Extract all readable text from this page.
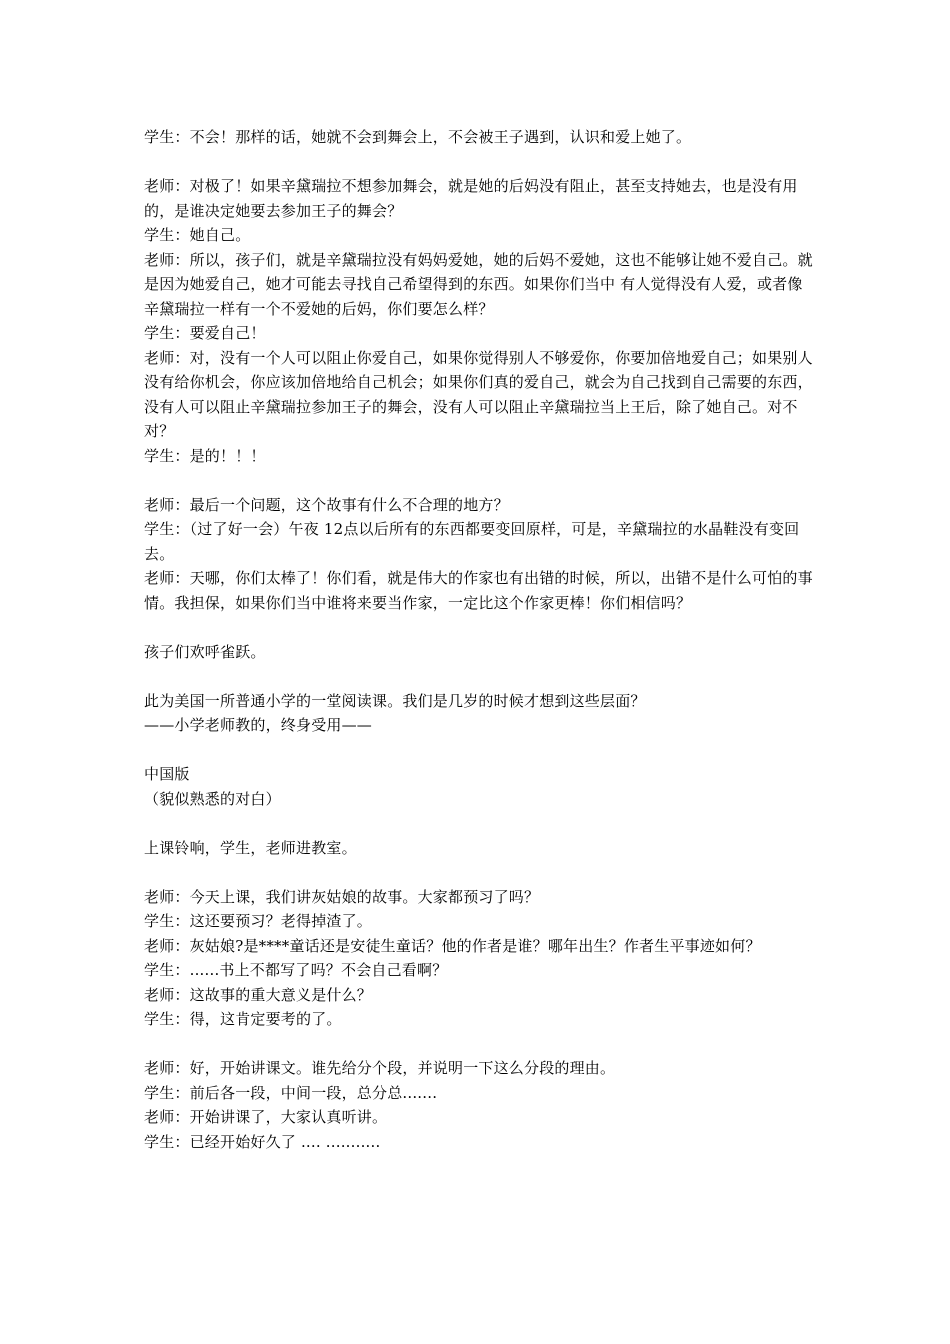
学生：不会！那样的话，她就不会到舞会上，不会被王子遇到，认识和爱上她了。

老师：对极了！如果辛黛瑞拉不想参加舞会，就是她的后妈没有阻止，甚至支持她去，也是没有用的，是谁决定她要去参加王子的舞会？

学生：她自己。

老师：所以，孩子们，就是辛黛瑞拉没有妈妈爱她，她的后妈不爱她，这也不能够让她不爱自己。就是因为她爱自己，她才可能去寻找自己希望得到的东西。如果你们当中 有人觉得没有人爱，或者像辛黛瑞拉一样有一个不爱她的后妈，你们要怎么样？

学生：要爱自己！

老师：对，没有一个人可以阻止你爱自己，如果你觉得别人不够爱你，你要加倍地爱自己；如果别人没有给你机会，你应该加倍地给自己机会；如果你们真的爱自己，就会为自己找到自己需要的东西，没有人可以阻止辛黛瑞拉参加王子的舞会，没有人可以阻止辛黛瑞拉当上王后，除了她自己。对不对？

学生：是的！！！

老师：最后一个问题，这个故事有什么不合理的地方？

学生：（过了好一会）午夜 12点以后所有的东西都要变回原样，可是，辛黛瑞拉的水晶鞋没有变回去。

老师：天哪，你们太棒了！你们看，就是伟大的作家也有出错的时候，所以，出错不是什么可怕的事情。我担保，如果你们当中谁将来要当作家，一定比这个作家更棒！你们相信吗？

孩子们欢呼雀跃。

此为美国一所普通小学的一堂阅读课。我们是几岁的时候才想到这些层面？

——小学老师教的，终身受用——

中国版

（貌似熟悉的对白）

上课铃响，学生，老师进教室。

老师：今天上课，我们讲灰姑娘的故事。大家都预习了吗？

学生：这还要预习？老得掉渣了。

老师：灰姑娘?是****童话还是安徒生童话？他的作者是谁？哪年出生？作者生平事迹如何？

学生：......书上不都写了吗？不会自己看啊？

老师：这故事的重大意义是什么？

学生：得，这肯定要考的了。

老师：好，开始讲课文。谁先给分个段，并说明一下这么分段的理由。

学生：前后各一段，中间一段，总分总.......

老师：开始讲课了，大家认真听讲。

学生：已经开始好久了 .... ...........
